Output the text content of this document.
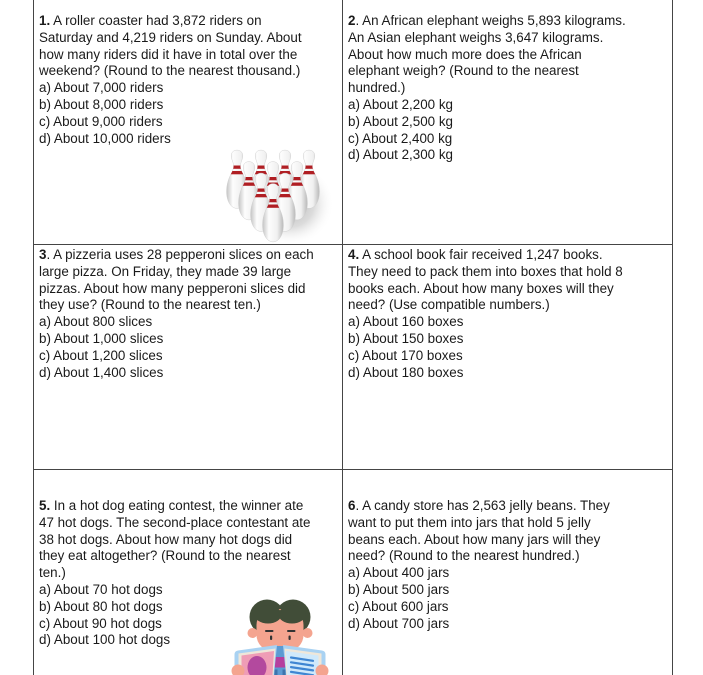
1. A roller coaster had 3,872 riders on
Saturday and 4,219 riders on Sunday. About
how many riders did it have in total over the
weekend? (Round to the nearest thousand.)
a) About 7,000 riders
b) About 8,000 riders
c) About 9,000 riders
d) About 10,000 riders
2. An African elephant weighs 5,893 kilograms.
An Asian elephant weighs 3,647 kilograms.
About how much more does the African
elephant weigh? (Round to the nearest
hundred.)
a) About 2,200 kg
b) About 2,500 kg
c) About 2,400 kg
d) About 2,300 kg
3. A pizzeria uses 28 pepperoni slices on each
large pizza. On Friday, they made 39 large
pizzas. About how many pepperoni slices did
they use? (Round to the nearest ten.)
a) About 800 slices
b) About 1,000 slices
c) About 1,200 slices
d) About 1,400 slices
4. A school book fair received 1,247 books.
They need to pack them into boxes that hold 8
books each. About how many boxes will they
need? (Use compatible numbers.)
a) About 160 boxes
b) About 150 boxes
c) About 170 boxes
d) About 180 boxes
5. In a hot dog eating contest, the winner ate
47 hot dogs. The second-place contestant ate
38 hot dogs. About how many hot dogs did
they eat altogether? (Round to the nearest
ten.)
a) About 70 hot dogs
b) About 80 hot dogs
c) About 90 hot dogs
d) About 100 hot dogs
6. A candy store has 2,563 jelly beans. They
want to put them into jars that hold 5 jelly
beans each. About how many jars will they
need? (Round to the nearest hundred.)
a) About 400 jars
b) About 500 jars
c) About 600 jars
d) About 700 jars
